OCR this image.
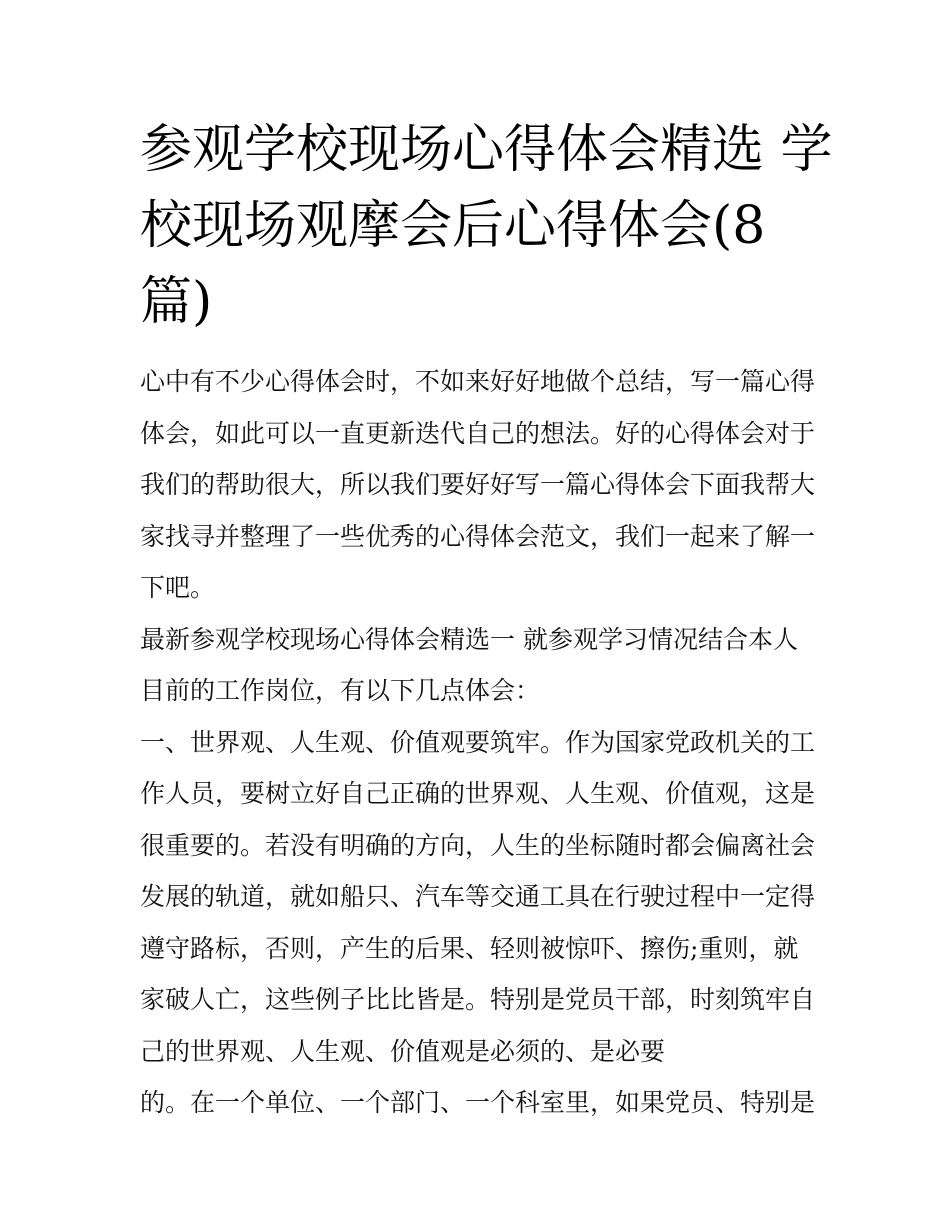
参观学校现场心得体会精选 学
校现场观摩会后心得体会(8
篇)

心中有不少心得体会时，不如来好好地做个总结，写一篇心得
体会，如此可以一直更新迭代自己的想法。好的心得体会对于
我们的帮助很大，所以我们要好好写一篇心得体会下面我帮大
家找寻并整理了一些优秀的心得体会范文，我们一起来了解一
下吧。

最新参观学校现场心得体会精选一 就参观学习情况结合本人
目前的工作岗位，有以下几点体会：

一、世界观、人生观、价值观要筑牢。作为国家党政机关的工
作人员，要树立好自己正确的世界观、人生观、价值观，这是
很重要的。若没有明确的方向，人生的坐标随时都会偏离社会
发展的轨道，就如船只、汽车等交通工具在行驶过程中一定得
遵守路标，否则，产生的后果、轻则被惊吓、擦伤;重则，就
家破人亡，这些例子比比皆是。特别是党员干部，时刻筑牢自
己的世界观、人生观、价值观是必须的、是必要

的。在一个单位、一个部门、一个科室里，如果党员、特别是
